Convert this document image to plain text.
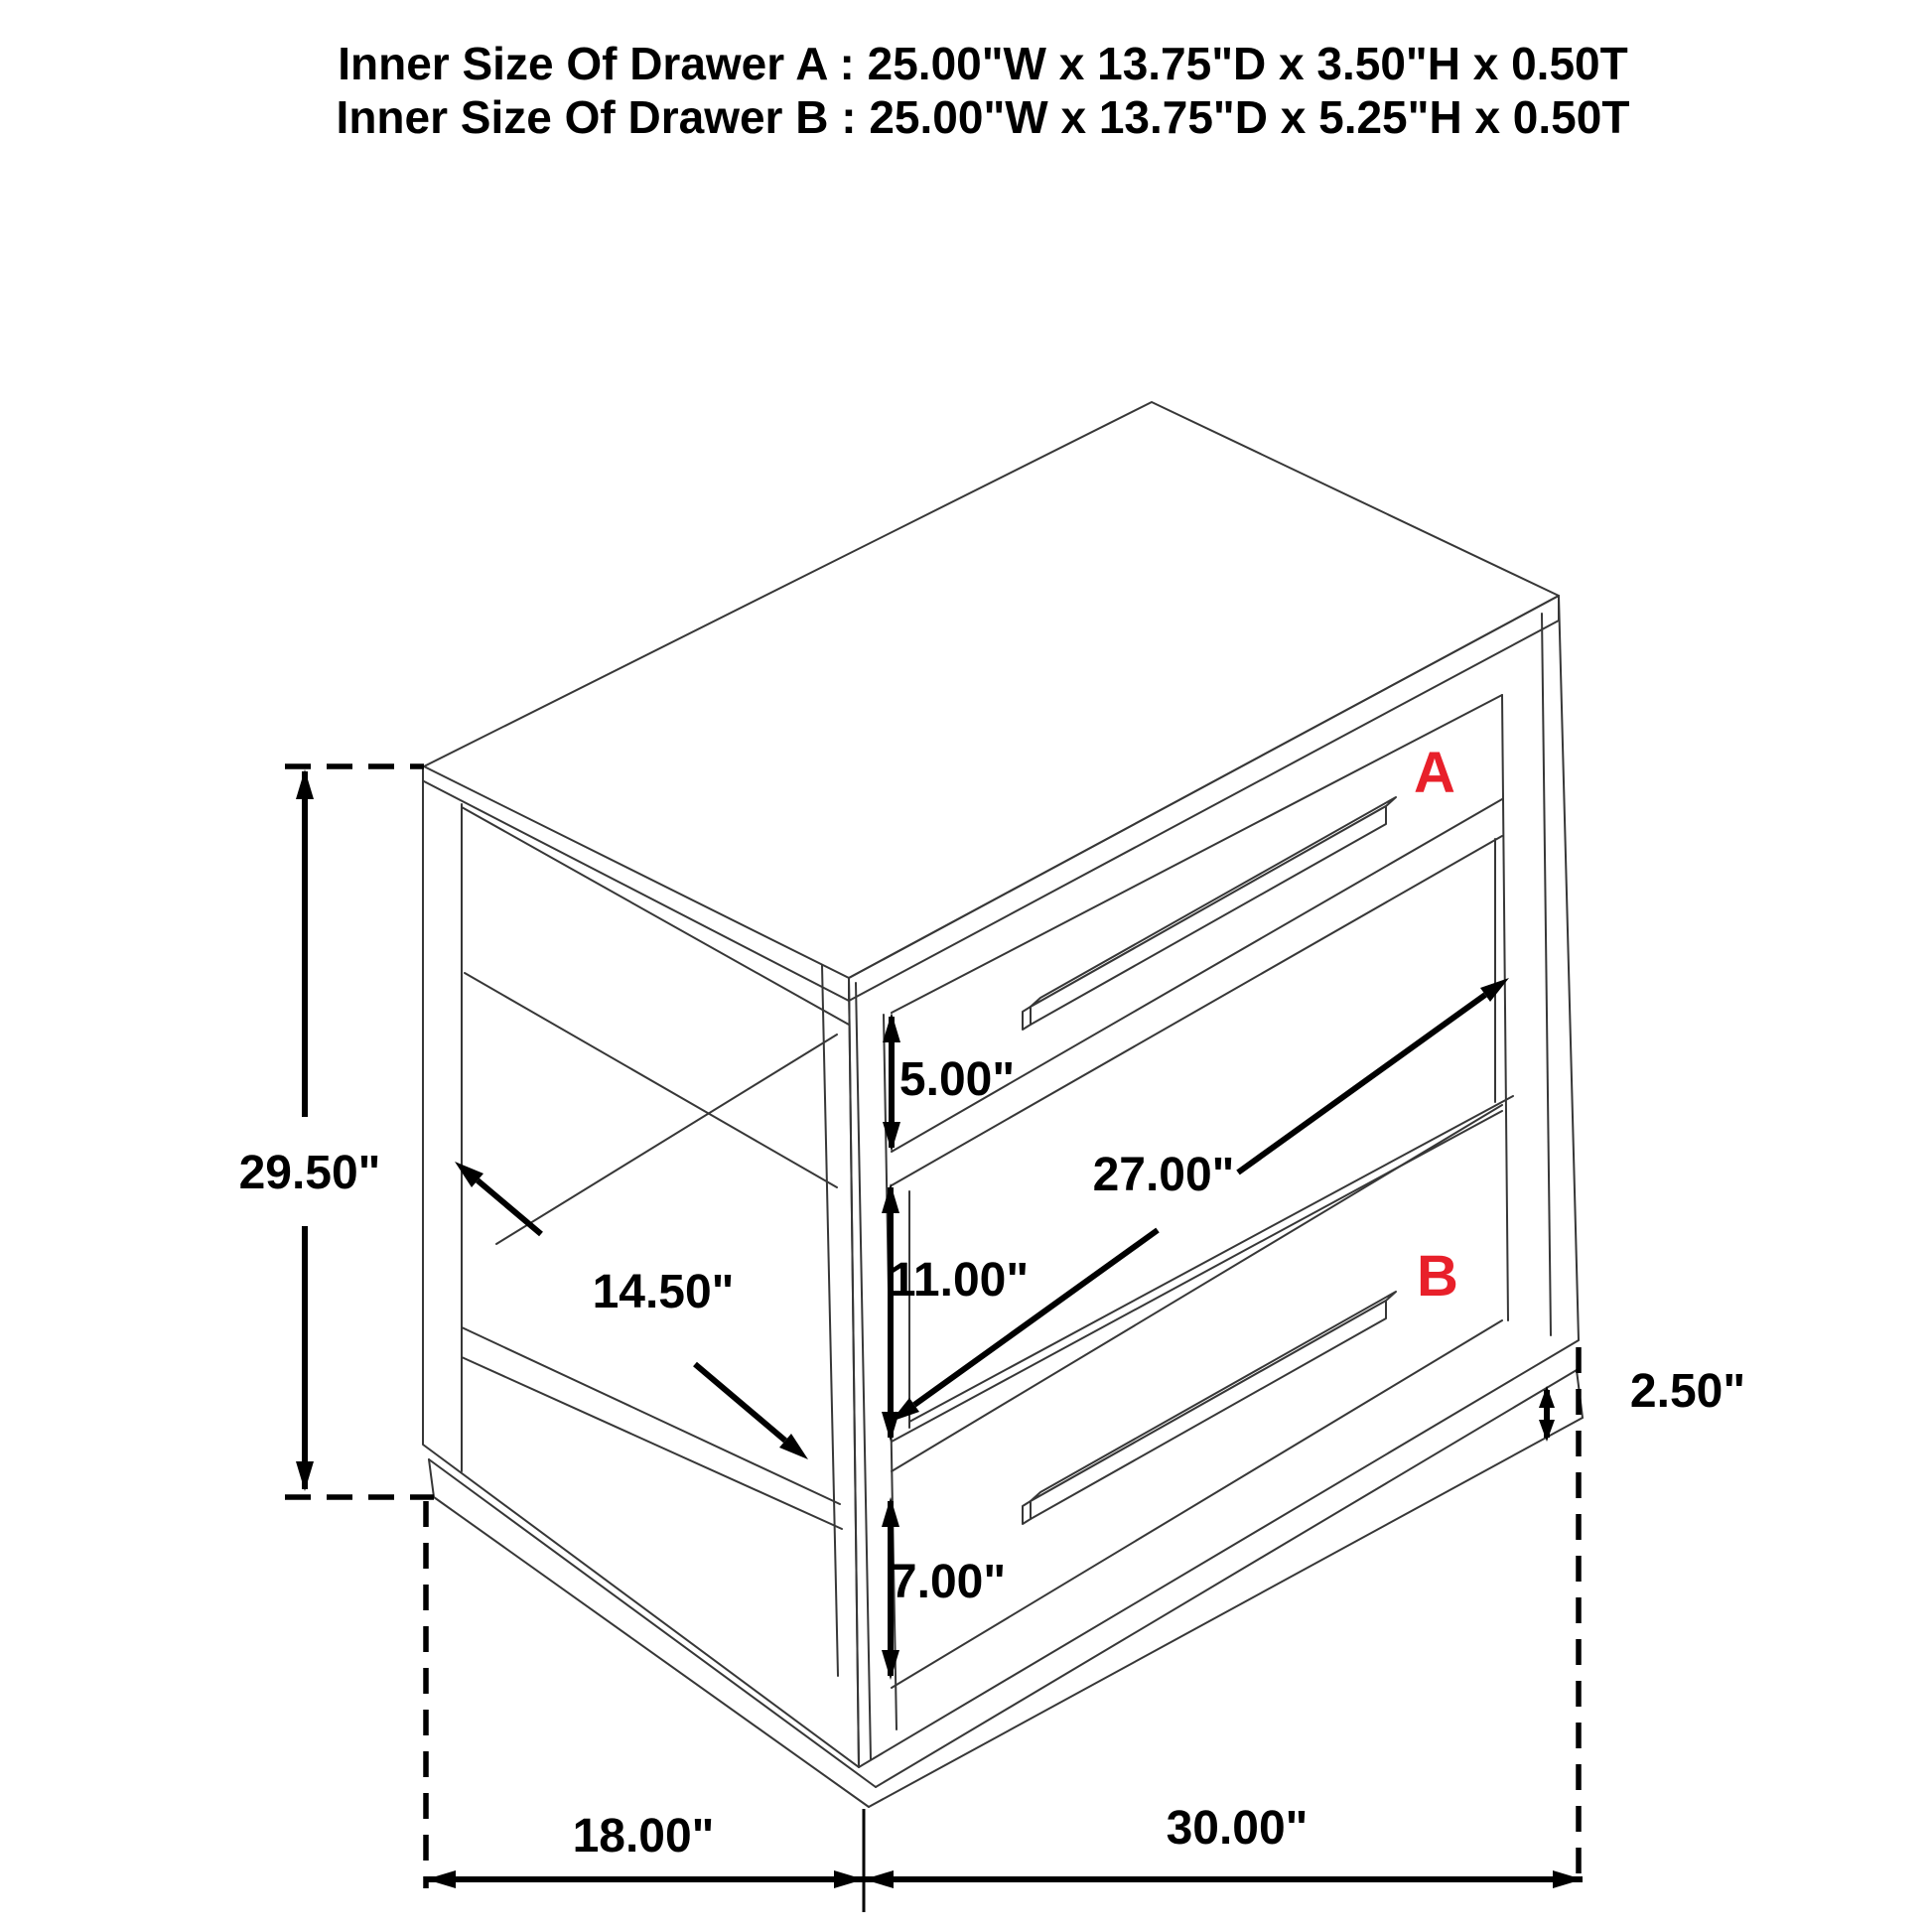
Inner Size Of Drawer A : 25.00"W x 13.75"D x 3.50"H x 0.50T
Inner Size Of Drawer B : 25.00"W x 13.75"D x 5.25"H x 0.50T
A
B
29.50"
14.50"
5.00"
27.00"
11.00"
7.00"
2.50"
18.00"	30.00"
